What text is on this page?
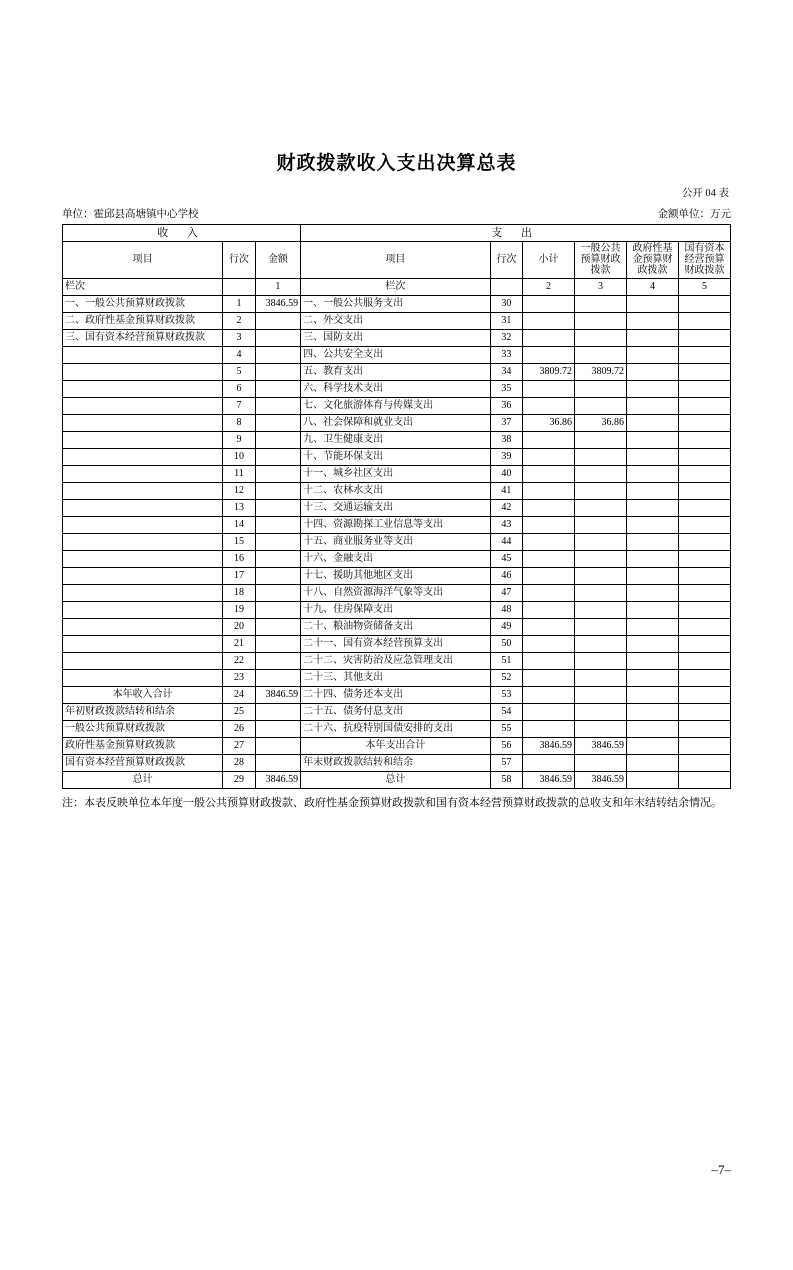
财政拨款收入支出决算总表
公开 04 表
单位：霍邱县高塘镇中心学校	金额单位：万元
收 入			支 出					
项目	行次	金额	项目	行次	小计	一般公共预算财政拨款	政府性基金预算财政拨款	国有资本经营预算财政拨款
栏次		1	栏次		2	3	4	5
一、一般公共预算财政拨款	1	3846.59	一、一般公共服务支出	30				
二、政府性基金预算财政拨款	2		二、外交支出	31				
三、国有资本经营预算财政拨款	3		三、国防支出	32				
	4		四、公共安全支出	33				
	5		五、教育支出	34	3809.72	3809.72		
	6		六、科学技术支出	35				
	7		七、文化旅游体育与传媒支出	36				
	8		八、社会保障和就业支出	37	36.86	36.86		
	9		九、卫生健康支出	38				
	10		十、节能环保支出	39				
	11		十一、城乡社区支出	40				
	12		十二、农林水支出	41				
	13		十三、交通运输支出	42				
	14		十四、资源勘探工业信息等支出	43				
	15		十五、商业服务业等支出	44				
	16		十六、金融支出	45				
	17		十七、援助其他地区支出	46				
	18		十八、自然资源海洋气象等支出	47				
	19		十九、住房保障支出	48				
	20		二十、粮油物资储备支出	49				
	21		二十一、国有资本经营预算支出	50				
	22		二十二、灾害防治及应急管理支出	51				
	23		二十三、其他支出	52				
本年收入合计	24	3846.59	二十四、债务还本支出	53				
年初财政拨款结转和结余	25		二十五、债务付息支出	54				
一般公共预算财政拨款	26		二十六、抗疫特别国债安排的支出	55				
政府性基金预算财政拨款	27		本年支出合计	56	3846.59	3846.59		
国有资本经营预算财政拨款	28		年末财政拨款结转和结余	57				
总计	29	3846.59	总计	58	3846.59	3846.59		
注：本表反映单位本年度一般公共预算财政拨款、政府性基金预算财政拨款和国有资本经营预算财政拨款的总收支和年末结转结余情况。
–7–
